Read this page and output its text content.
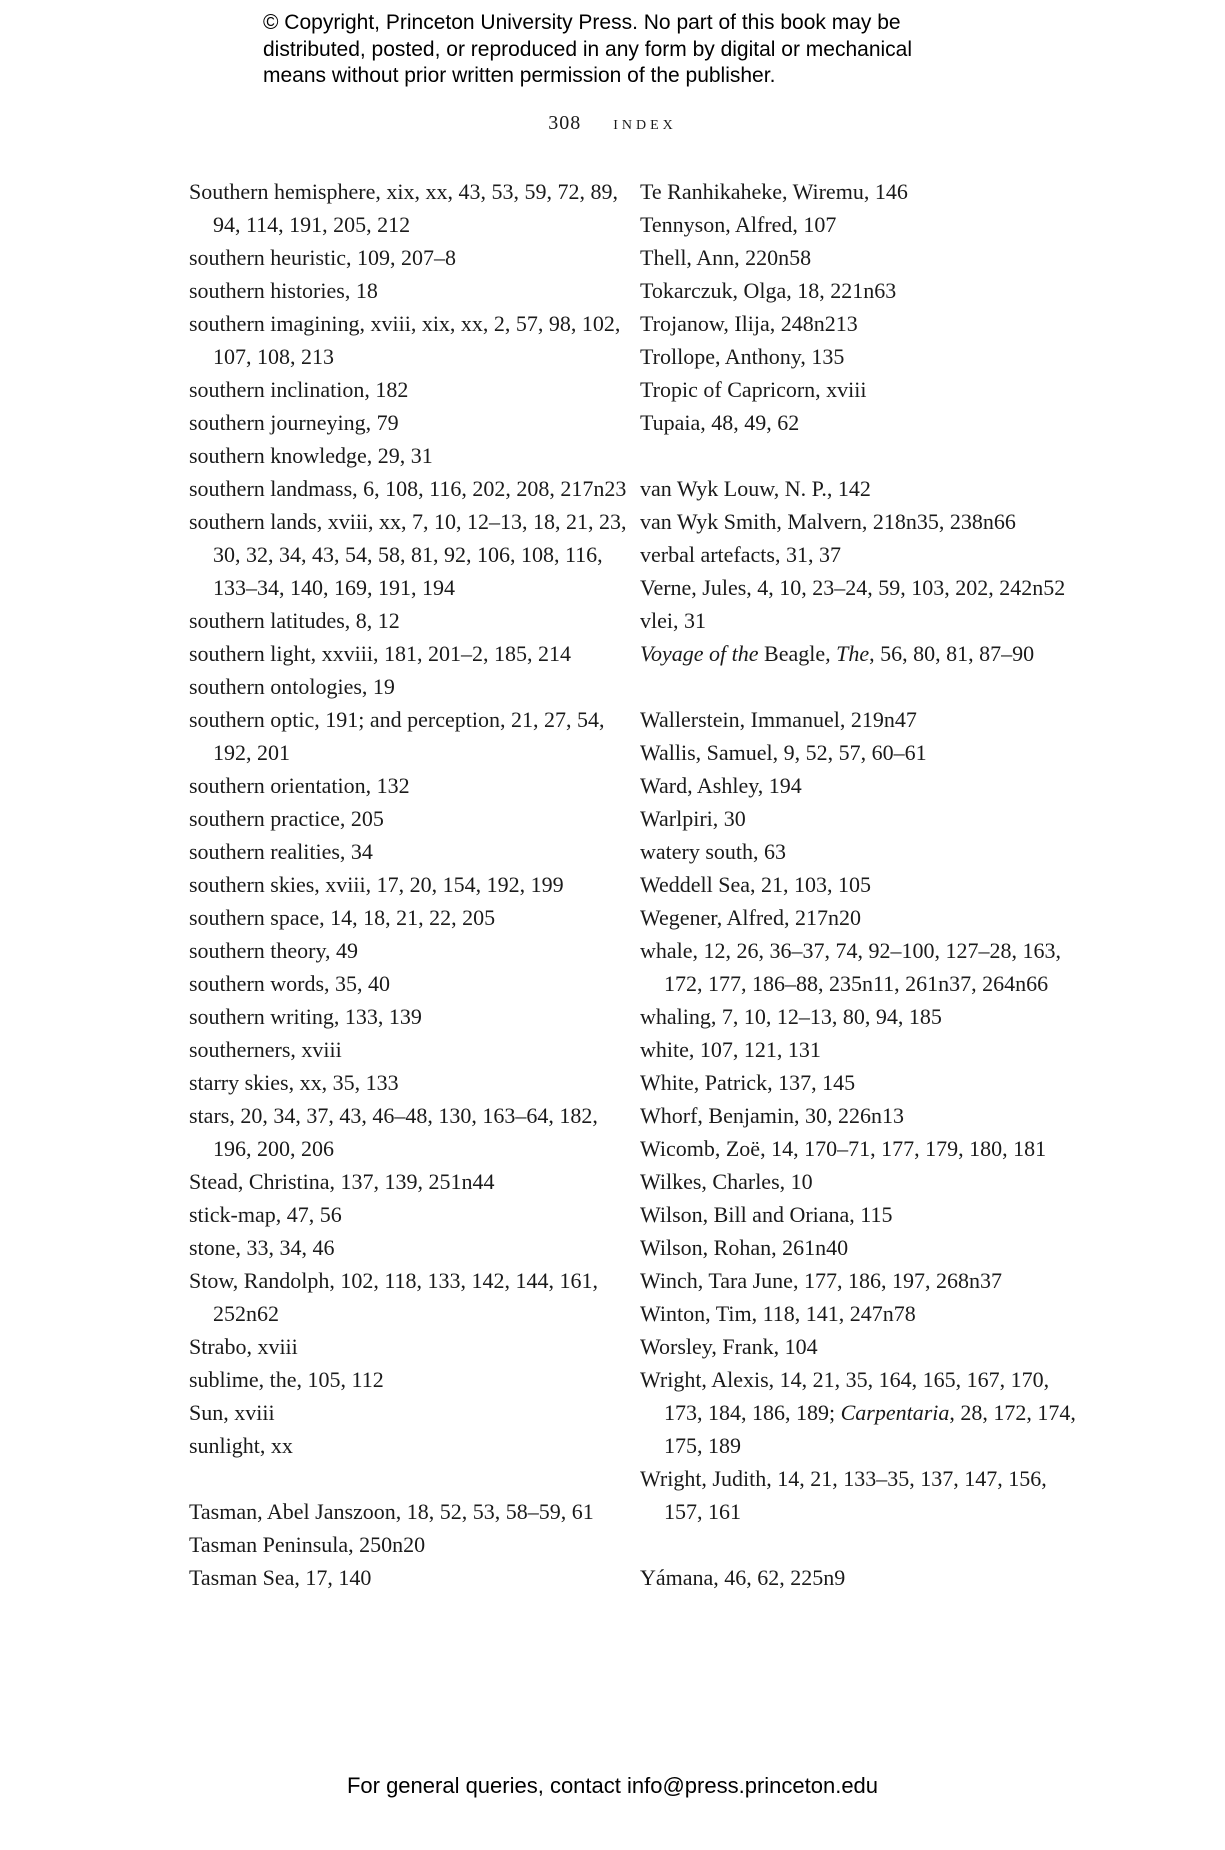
© Copyright, Princeton University Press. No part of this book may be
distributed, posted, or reproduced in any form by digital or mechanical
means without prior written permission of the publisher.
308 index
Southern hemisphere, xix, xx, 43, 53, 59, 72, 89, 94, 114, 191, 205, 212
southern heuristic, 109, 207–8
southern histories, 18
southern imagining, xviii, xix, xx, 2, 57, 98, 102, 107, 108, 213
southern inclination, 182
southern journeying, 79
southern knowledge, 29, 31
southern landmass, 6, 108, 116, 202, 208, 217n23
southern lands, xviii, xx, 7, 10, 12–13, 18, 21, 23, 30, 32, 34, 43, 54, 58, 81, 92, 106, 108, 116, 133–34, 140, 169, 191, 194
southern latitudes, 8, 12
southern light, xxviii, 181, 201–2, 185, 214
southern ontologies, 19
southern optic, 191; and perception, 21, 27, 54, 192, 201
southern orientation, 132
southern practice, 205
southern realities, 34
southern skies, xviii, 17, 20, 154, 192, 199
southern space, 14, 18, 21, 22, 205
southern theory, 49
southern words, 35, 40
southern writing, 133, 139
southerners, xviii
starry skies, xx, 35, 133
stars, 20, 34, 37, 43, 46–48, 130, 163–64, 182, 196, 200, 206
Stead, Christina, 137, 139, 251n44
stick-map, 47, 56
stone, 33, 34, 46
Stow, Randolph, 102, 118, 133, 142, 144, 161, 252n62
Strabo, xviii
sublime, the, 105, 112
Sun, xviii
sunlight, xx
Tasman, Abel Janszoon, 18, 52, 53, 58–59, 61
Tasman Peninsula, 250n20
Tasman Sea, 17, 140
Te Ranhikaheke, Wiremu, 146
Tennyson, Alfred, 107
Thell, Ann, 220n58
Tokarczuk, Olga, 18, 221n63
Trojanow, Ilija, 248n213
Trollope, Anthony, 135
Tropic of Capricorn, xviii
Tupaia, 48, 49, 62
van Wyk Louw, N. P., 142
van Wyk Smith, Malvern, 218n35, 238n66
verbal artefacts, 31, 37
Verne, Jules, 4, 10, 23–24, 59, 103, 202, 242n52
vlei, 31
Voyage of the Beagle, The, 56, 80, 81, 87–90
Wallerstein, Immanuel, 219n47
Wallis, Samuel, 9, 52, 57, 60–61
Ward, Ashley, 194
Warlpiri, 30
watery south, 63
Weddell Sea, 21, 103, 105
Wegener, Alfred, 217n20
whale, 12, 26, 36–37, 74, 92–100, 127–28, 163, 172, 177, 186–88, 235n11, 261n37, 264n66
whaling, 7, 10, 12–13, 80, 94, 185
white, 107, 121, 131
White, Patrick, 137, 145
Whorf, Benjamin, 30, 226n13
Wicomb, Zoë, 14, 170–71, 177, 179, 180, 181
Wilkes, Charles, 10
Wilson, Bill and Oriana, 115
Wilson, Rohan, 261n40
Winch, Tara June, 177, 186, 197, 268n37
Winton, Tim, 118, 141, 247n78
Worsley, Frank, 104
Wright, Alexis, 14, 21, 35, 164, 165, 167, 170, 173, 184, 186, 189; Carpentaria, 28, 172, 174, 175, 189
Wright, Judith, 14, 21, 133–35, 137, 147, 156, 157, 161
Yámana, 46, 62, 225n9
For general queries, contact info@press.princeton.edu
